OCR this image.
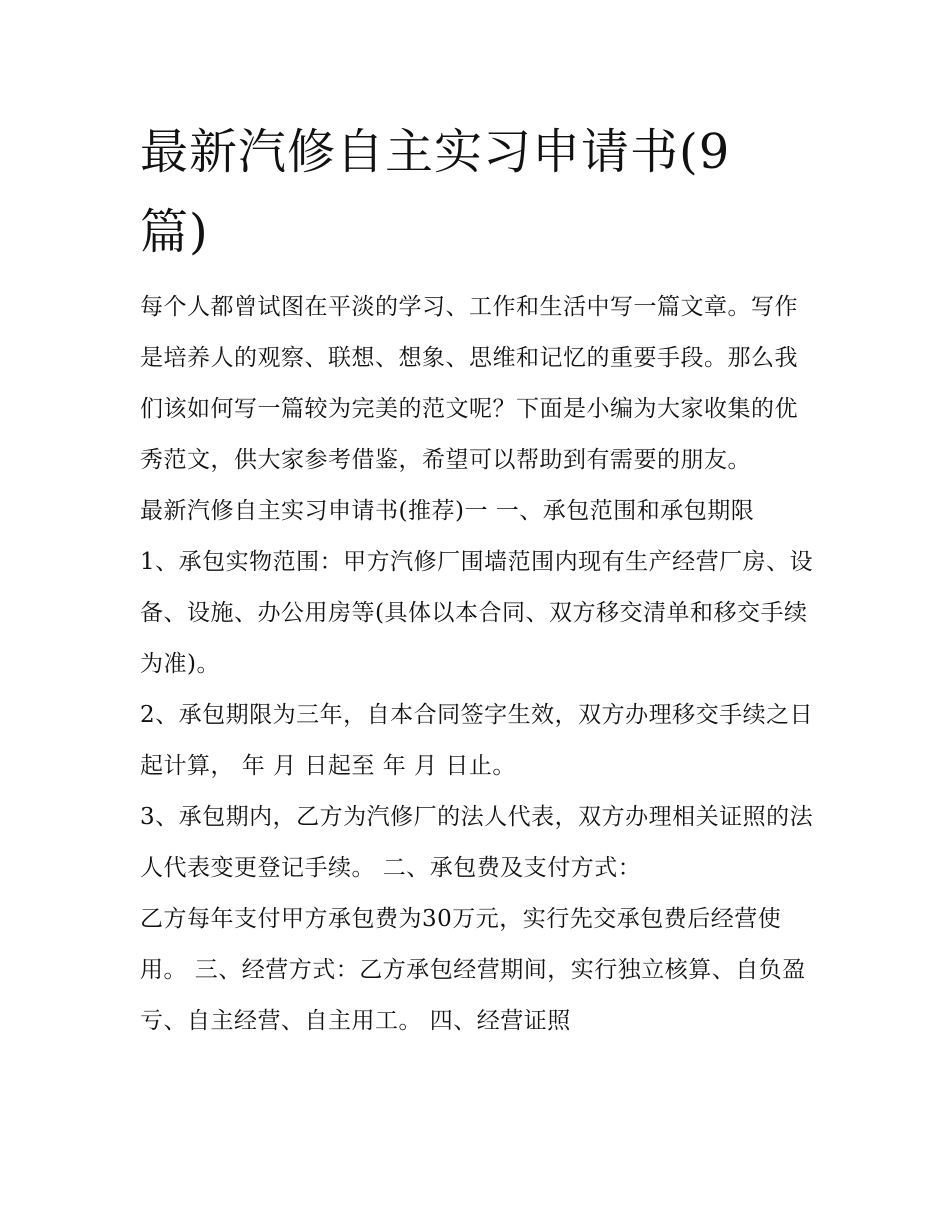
最新汽修自主实习申请书(9篇)

每个人都曾试图在平淡的学习、工作和生活中写一篇文章。写作是培养人的观察、联想、想象、思维和记忆的重要手段。那么我们该如何写一篇较为完美的范文呢？下面是小编为大家收集的优秀范文，供大家参考借鉴，希望可以帮助到有需要的朋友。

最新汽修自主实习申请书(推荐)一 一、承包范围和承包期限

1、承包实物范围：甲方汽修厂围墙范围内现有生产经营厂房、设备、设施、办公用房等(具体以本合同、双方移交清单和移交手续为准)。

2、承包期限为三年，自本合同签字生效，双方办理移交手续之日起计算， 年 月 日起至 年 月 日止。

3、承包期内，乙方为汽修厂的法人代表，双方办理相关证照的法人代表变更登记手续。 二、承包费及支付方式：

乙方每年支付甲方承包费为30万元，实行先交承包费后经营使用。 三、经营方式：乙方承包经营期间，实行独立核算、自负盈亏、自主经营、自主用工。 四、经营证照
